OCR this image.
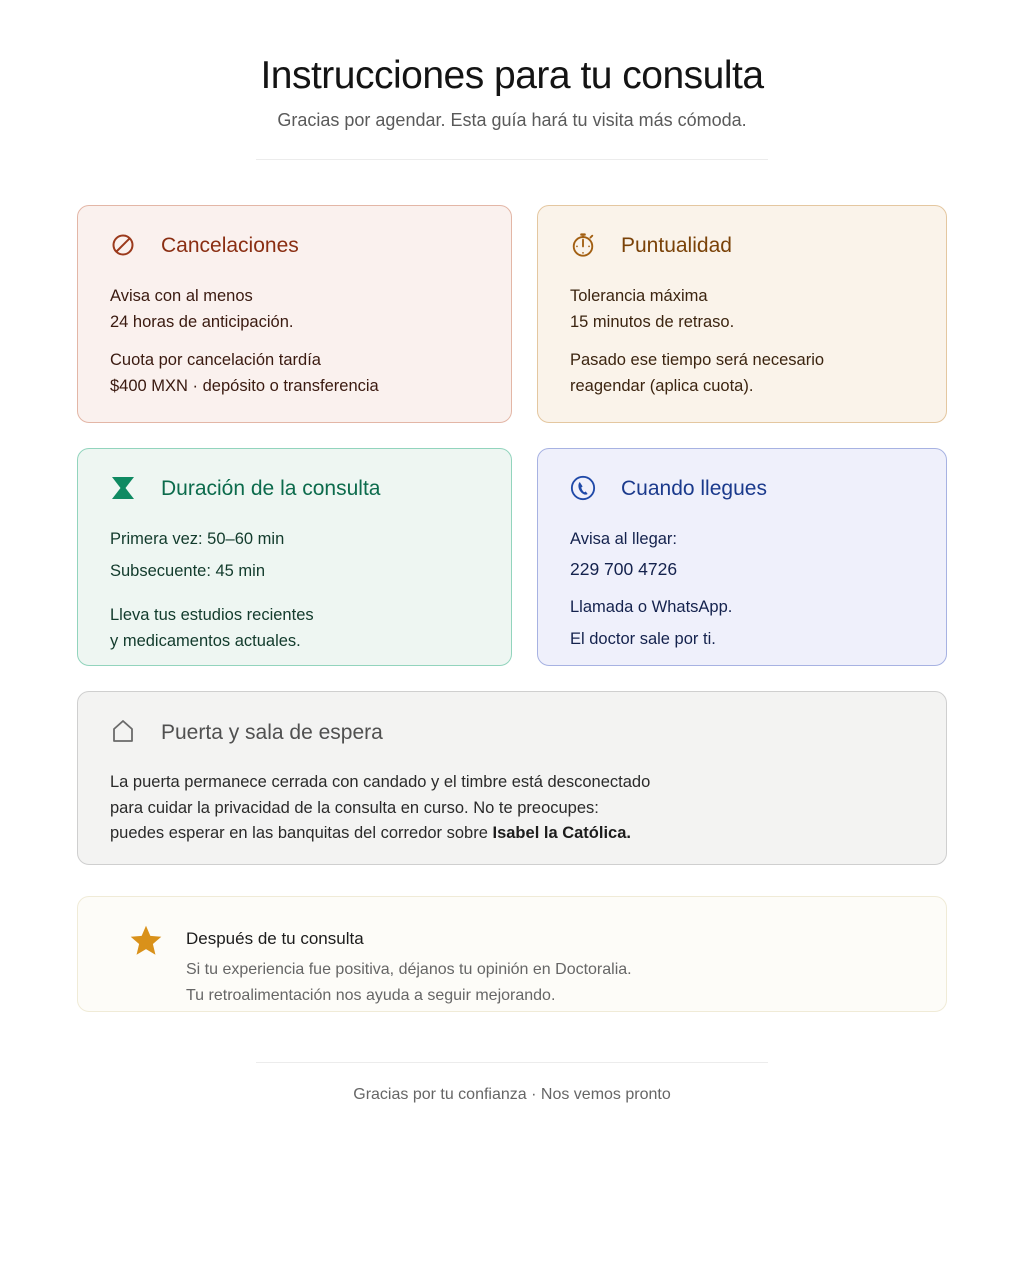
Instrucciones para tu consulta
Gracias por agendar. Esta guía hará tu visita más cómoda.
Cancelaciones

Avisa con al menos

24 horas de anticipación.

Cuota por cancelación tardía

$400 MXN · depósito o transferencia

Puntualidad

Tolerancia máxima

15 minutos de retraso.

Pasado ese tiempo será necesario

reagendar (aplica cuota).

Duración de la consulta

Primera vez: 50–60 min

Subsecuente: 45 min

Lleva tus estudios recientes

y medicamentos actuales.

Cuando llegues

Avisa al llegar:

229 700 4726

Llamada o WhatsApp.

El doctor sale por ti.

Puerta y sala de espera

La puerta permanece cerrada con candado y el timbre está desconectado

para cuidar la privacidad de la consulta en curso. No te preocupes:

puedes esperar en las banquitas del corredor sobre Isabel la Católica.

Después de tu consulta

Si tu experiencia fue positiva, déjanos tu opinión en Doctoralia.

Tu retroalimentación nos ayuda a seguir mejorando.

Gracias por tu confianza · Nos vemos pronto
